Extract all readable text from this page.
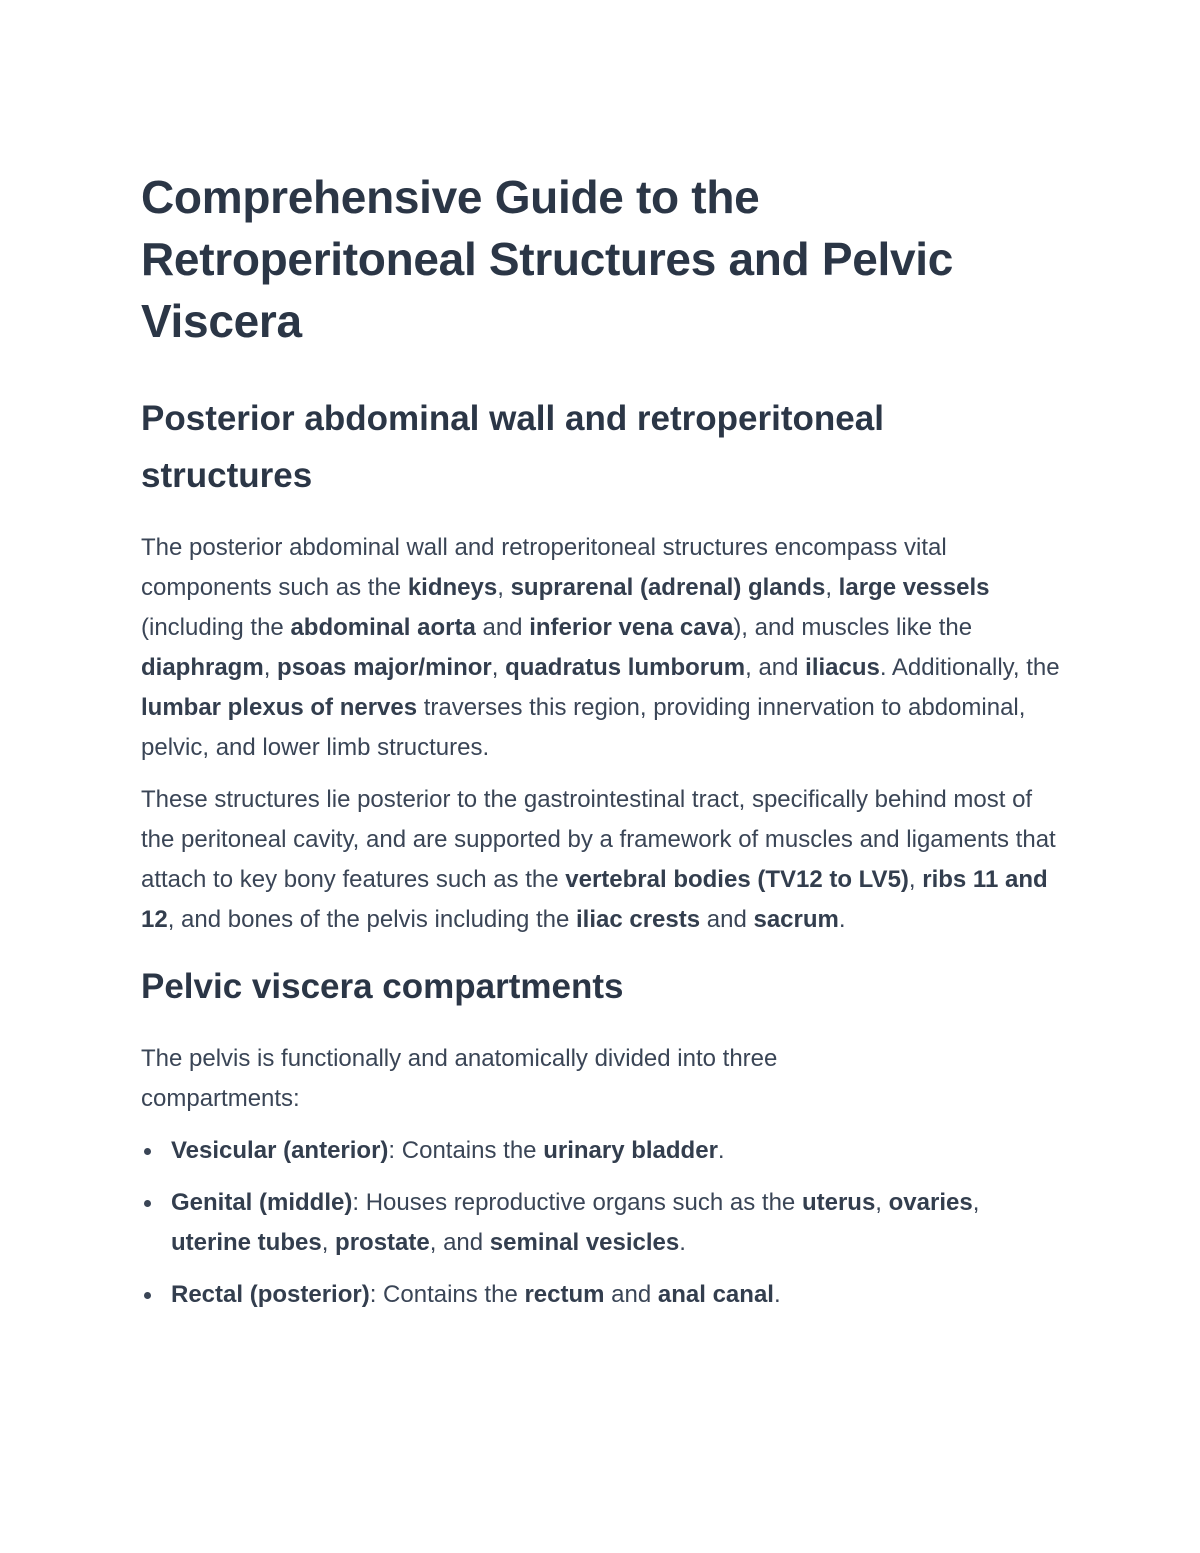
Comprehensive Guide to the Retroperitoneal Structures and Pelvic Viscera
Posterior abdominal wall and retroperitoneal structures

The posterior abdominal wall and retroperitoneal structures encompass vital components such as the kidneys, suprarenal (adrenal) glands, large vessels (including the abdominal aorta and inferior vena cava), and muscles like the diaphragm, psoas major/minor, quadratus lumborum, and iliacus. Additionally, the lumbar plexus of nerves traverses this region, providing innervation to abdominal, pelvic, and lower limb structures.

These structures lie posterior to the gastrointestinal tract, specifically behind most of the peritoneal cavity, and are supported by a framework of muscles and ligaments that attach to key bony features such as the vertebral bodies (TV12 to LV5), ribs 11 and 12, and bones of the pelvis including the iliac crests and sacrum.

Pelvic viscera compartments

The pelvis is functionally and anatomically divided into three compartments:

Vesicular (anterior): Contains the urinary bladder.
Genital (middle): Houses reproductive organs such as the uterus, ovaries, uterine tubes, prostate, and seminal vesicles.
Rectal (posterior): Contains the rectum and anal canal.
